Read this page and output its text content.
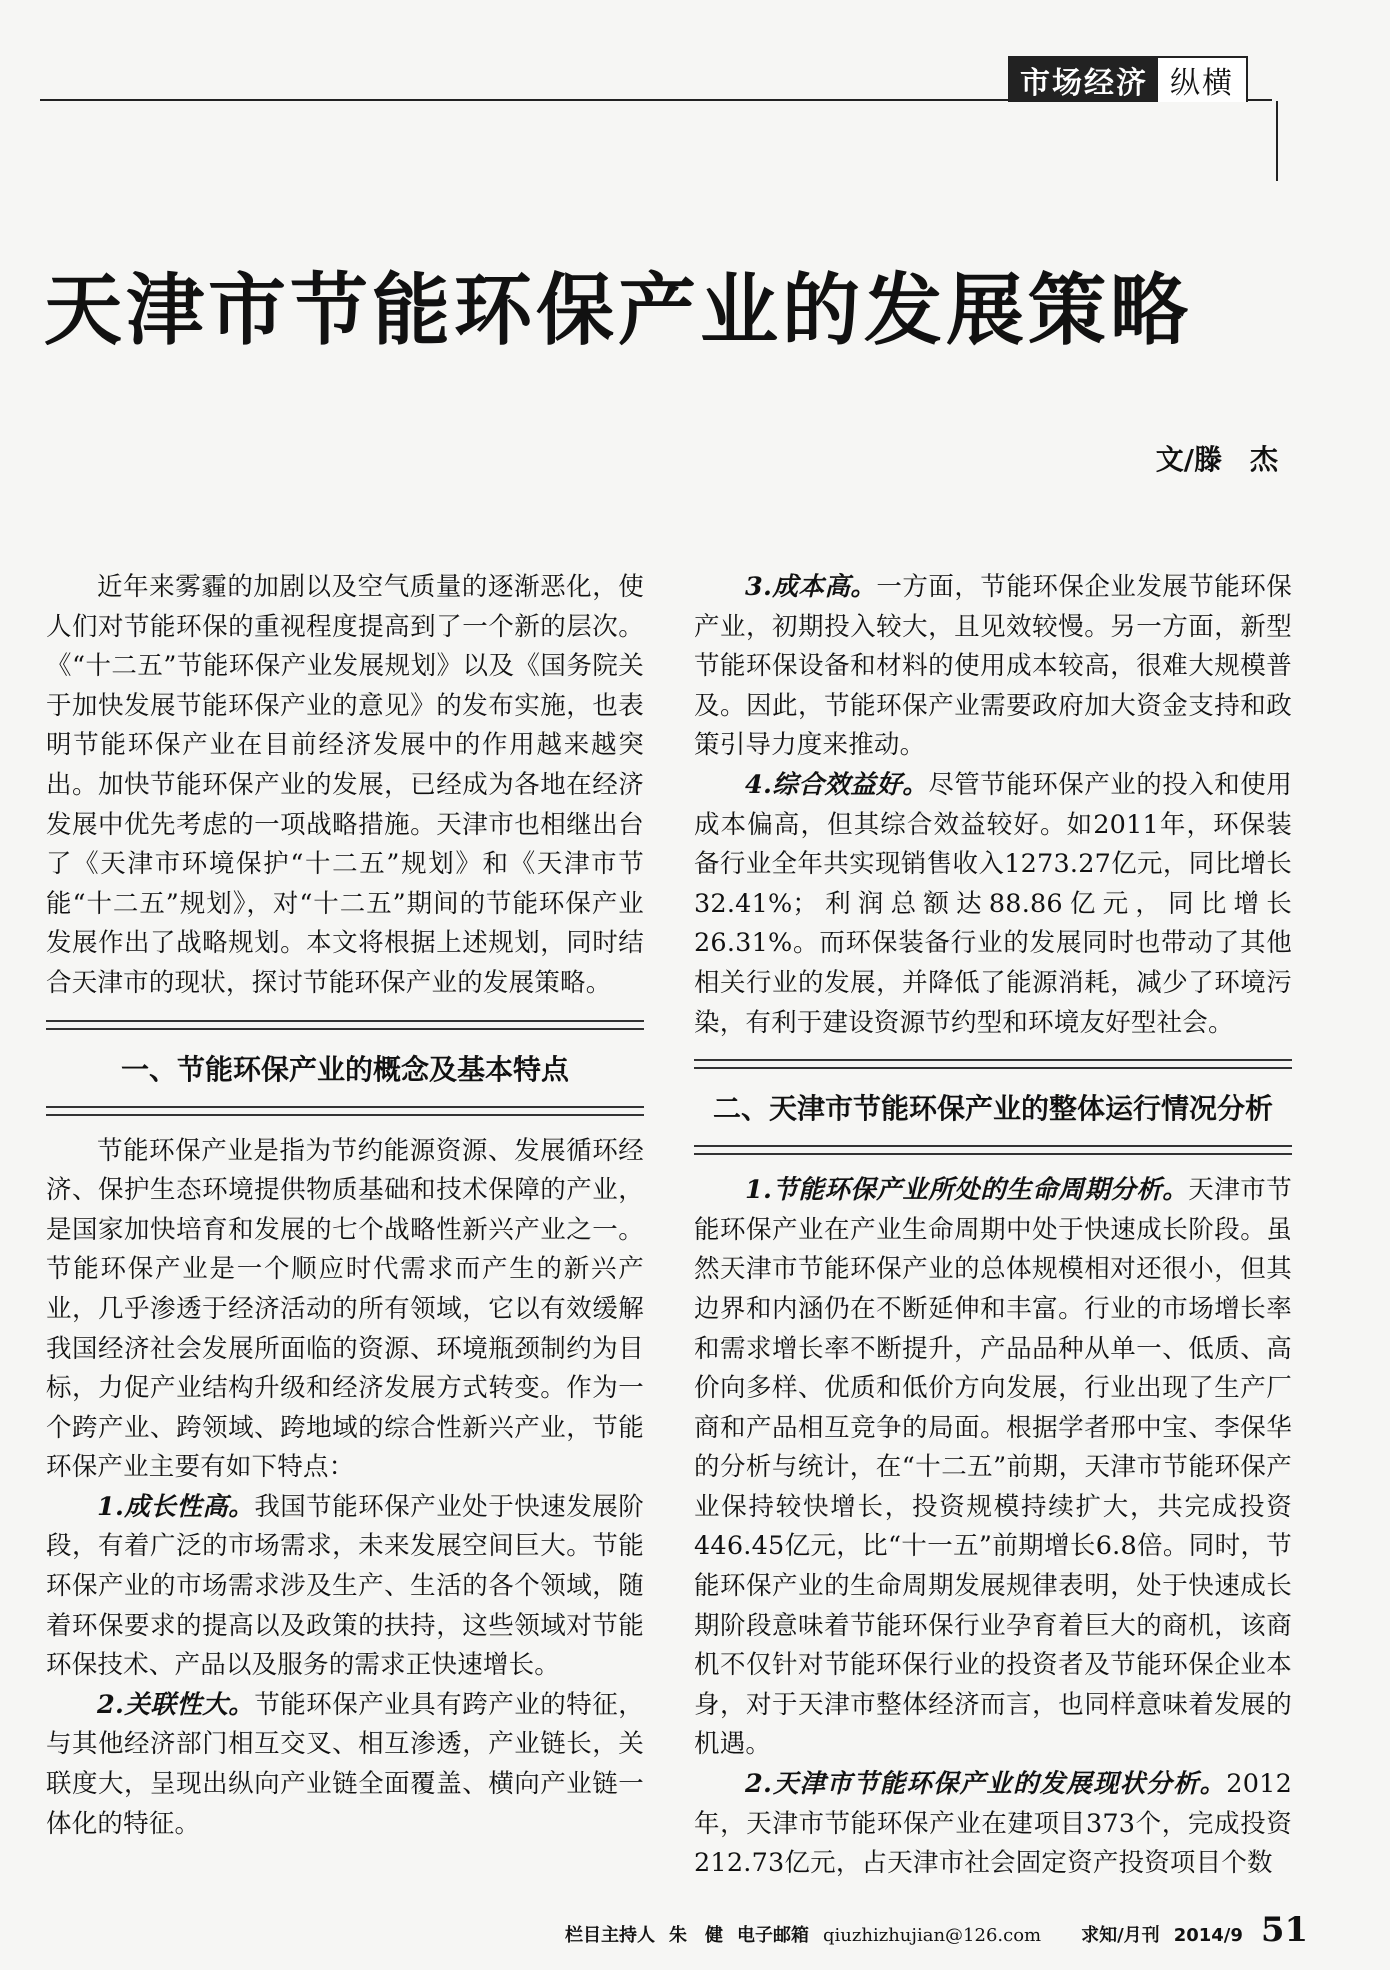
市场经济 纵横
天津市节能环保产业的发展策略
文/滕　杰

近年来雾霾的加剧以及空气质量的逐渐恶化，使人们对节能环保的重视程度提高到了一个新的层次。《“十二五”节能环保产业发展规划》以及《国务院关于加快发展节能环保产业的意见》的发布实施，也表明节能环保产业在目前经济发展中的作用越来越突出。加快节能环保产业的发展，已经成为各地在经济发展中优先考虑的一项战略措施。天津市也相继出台了《天津市环境保护“十二五”规划》和《天津市节能“十二五”规划》，对“十二五”期间的节能环保产业发展作出了战略规划。本文将根据上述规划，同时结合天津市的现状，探讨节能环保产业的发展策略。

一、节能环保产业的概念及基本特点

节能环保产业是指为节约能源资源、发展循环经济、保护生态环境提供物质基础和技术保障的产业，是国家加快培育和发展的七个战略性新兴产业之一。节能环保产业是一个顺应时代需求而产生的新兴产业，几乎渗透于经济活动的所有领域，它以有效缓解我国经济社会发展所面临的资源、环境瓶颈制约为目标，力促产业结构升级和经济发展方式转变。作为一个跨产业、跨领域、跨地域的综合性新兴产业，节能环保产业主要有如下特点：

1.成长性高。我国节能环保产业处于快速发展阶段，有着广泛的市场需求，未来发展空间巨大。节能环保产业的市场需求涉及生产、生活的各个领域，随着环保要求的提高以及政策的扶持，这些领域对节能环保技术、产品以及服务的需求正快速增长。

2.关联性大。节能环保产业具有跨产业的特征，与其他经济部门相互交叉、相互渗透，产业链长，关联度大，呈现出纵向产业链全面覆盖、横向产业链一体化的特征。

3.成本高。一方面，节能环保企业发展节能环保产业，初期投入较大，且见效较慢。另一方面，新型节能环保设备和材料的使用成本较高，很难大规模普及。因此，节能环保产业需要政府加大资金支持和政策引导力度来推动。

4.综合效益好。尽管节能环保产业的投入和使用成本偏高，但其综合效益较好。如2011年，环保装备行业全年共实现销售收入1273.27亿元，同比增长32.41%；利润总额达88.86亿元，同比增长26.31%。而环保装备行业的发展同时也带动了其他相关行业的发展，并降低了能源消耗，减少了环境污染，有利于建设资源节约型和环境友好型社会。

二、天津市节能环保产业的整体运行情况分析

1.节能环保产业所处的生命周期分析。天津市节能环保产业在产业生命周期中处于快速成长阶段。虽然天津市节能环保产业的总体规模相对还很小，但其边界和内涵仍在不断延伸和丰富。行业的市场增长率和需求增长率不断提升，产品品种从单一、低质、高价向多样、优质和低价方向发展，行业出现了生产厂商和产品相互竞争的局面。根据学者邢中宝、李保华的分析与统计，在“十二五”前期，天津市节能环保产业保持较快增长，投资规模持续扩大，共完成投资446.45亿元，比“十一五”前期增长6.8倍。同时，节能环保产业的生命周期发展规律表明，处于快速成长期阶段意味着节能环保行业孕育着巨大的商机，该商机不仅针对节能环保行业的投资者及节能环保企业本身，对于天津市整体经济而言，也同样意味着发展的机遇。

2.天津市节能环保产业的发展现状分析。2012年，天津市节能环保产业在建项目373个，完成投资212.73亿元，占天津市社会固定资产投资项目个数

栏目主持人 朱　健 电子邮箱 qiuzhizhujian@126.com 求知/月刊 2014/9 51
